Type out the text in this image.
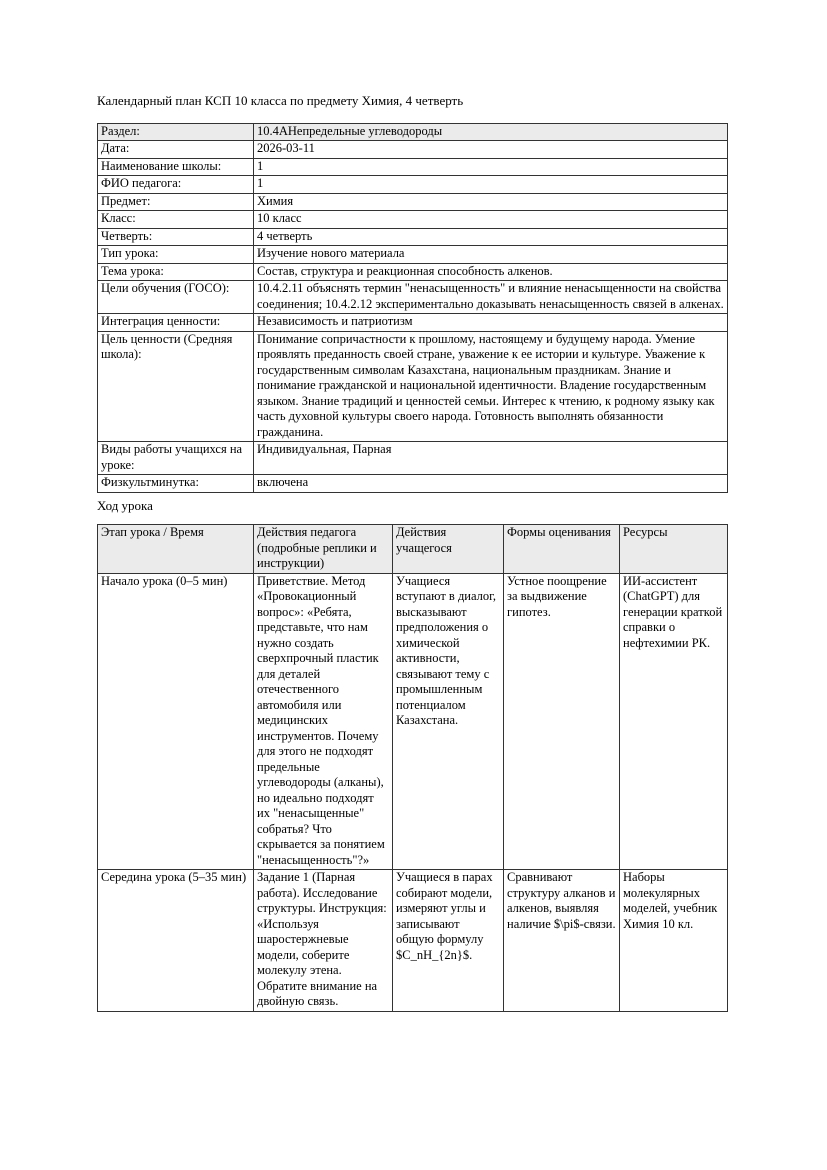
Календарный план КСП 10 класса по предмету Химия, 4 четверть

Раздел:	10.4АНепредельные углеводороды
Дата:	2026-03-11
Наименование школы:	1
ФИО педагога:	1
Предмет:	Химия
Класс:	10 класс
Четверть:	4 четверть
Тип урока:	Изучение нового материала
Тема урока:	Состав, структура и реакционная способность алкенов.
Цели обучения (ГОСО):	10.4.2.11 объяснять термин "ненасыщенность" и влияние ненасыщенности на свойства соединения; 10.4.2.12 экспериментально доказывать ненасыщенность связей в алкенах.
Интеграция ценности:	Независимость и патриотизм
Цель ценности (Средняя школа):	Понимание сопричастности к прошлому, настоящему и будущему народа. Умение проявлять преданность своей стране, уважение к ее истории и культуре. Уважение к государственным символам Казахстана, национальным праздникам. Знание и понимание гражданской и национальной идентичности. Владение государственным языком. Знание традиций и ценностей семьи. Интерес к чтению, к родному языку как часть духовной культуры своего народа. Готовность выполнять обязанности гражданина.
Виды работы учащихся на уроке:	Индивидуальная, Парная
Физкультминутка:	включена

Ход урока

Этап урока / Время	Действия педагога (подробные реплики и инструкции)	Действия учащегося	Формы оценивания	Ресурсы
Начало урока (0–5 мин)	Приветствие. Метод «Провокационный вопрос»: «Ребята, представьте, что нам нужно создать сверхпрочный пластик для деталей отечественного автомобиля или медицинских инструментов. Почему для этого не подходят предельные углеводороды (алканы), но идеально подходят их "ненасыщенные" собратья? Что скрывается за понятием "ненасыщенность"?»	Учащиеся вступают в диалог, высказывают предположения о химической активности, связывают тему с промышленным потенциалом Казахстана.	Устное поощрение за выдвижение гипотез.	ИИ-ассистент (ChatGPT) для генерации краткой справки о нефтехимии РК.
Середина урока (5–35 мин)	Задание 1 (Парная работа). Исследование структуры. Инструкция: «Используя шаростержневые модели, соберите молекулу этена. Обратите внимание на двойную связь.	Учащиеся в парах собирают модели, измеряют углы и записывают общую формулу $C_nH_{2n}$.	Сравнивают структуру алканов и алкенов, выявляя наличие $\pi$-связи.	Наборы молекулярных моделей, учебник Химия 10 кл.
